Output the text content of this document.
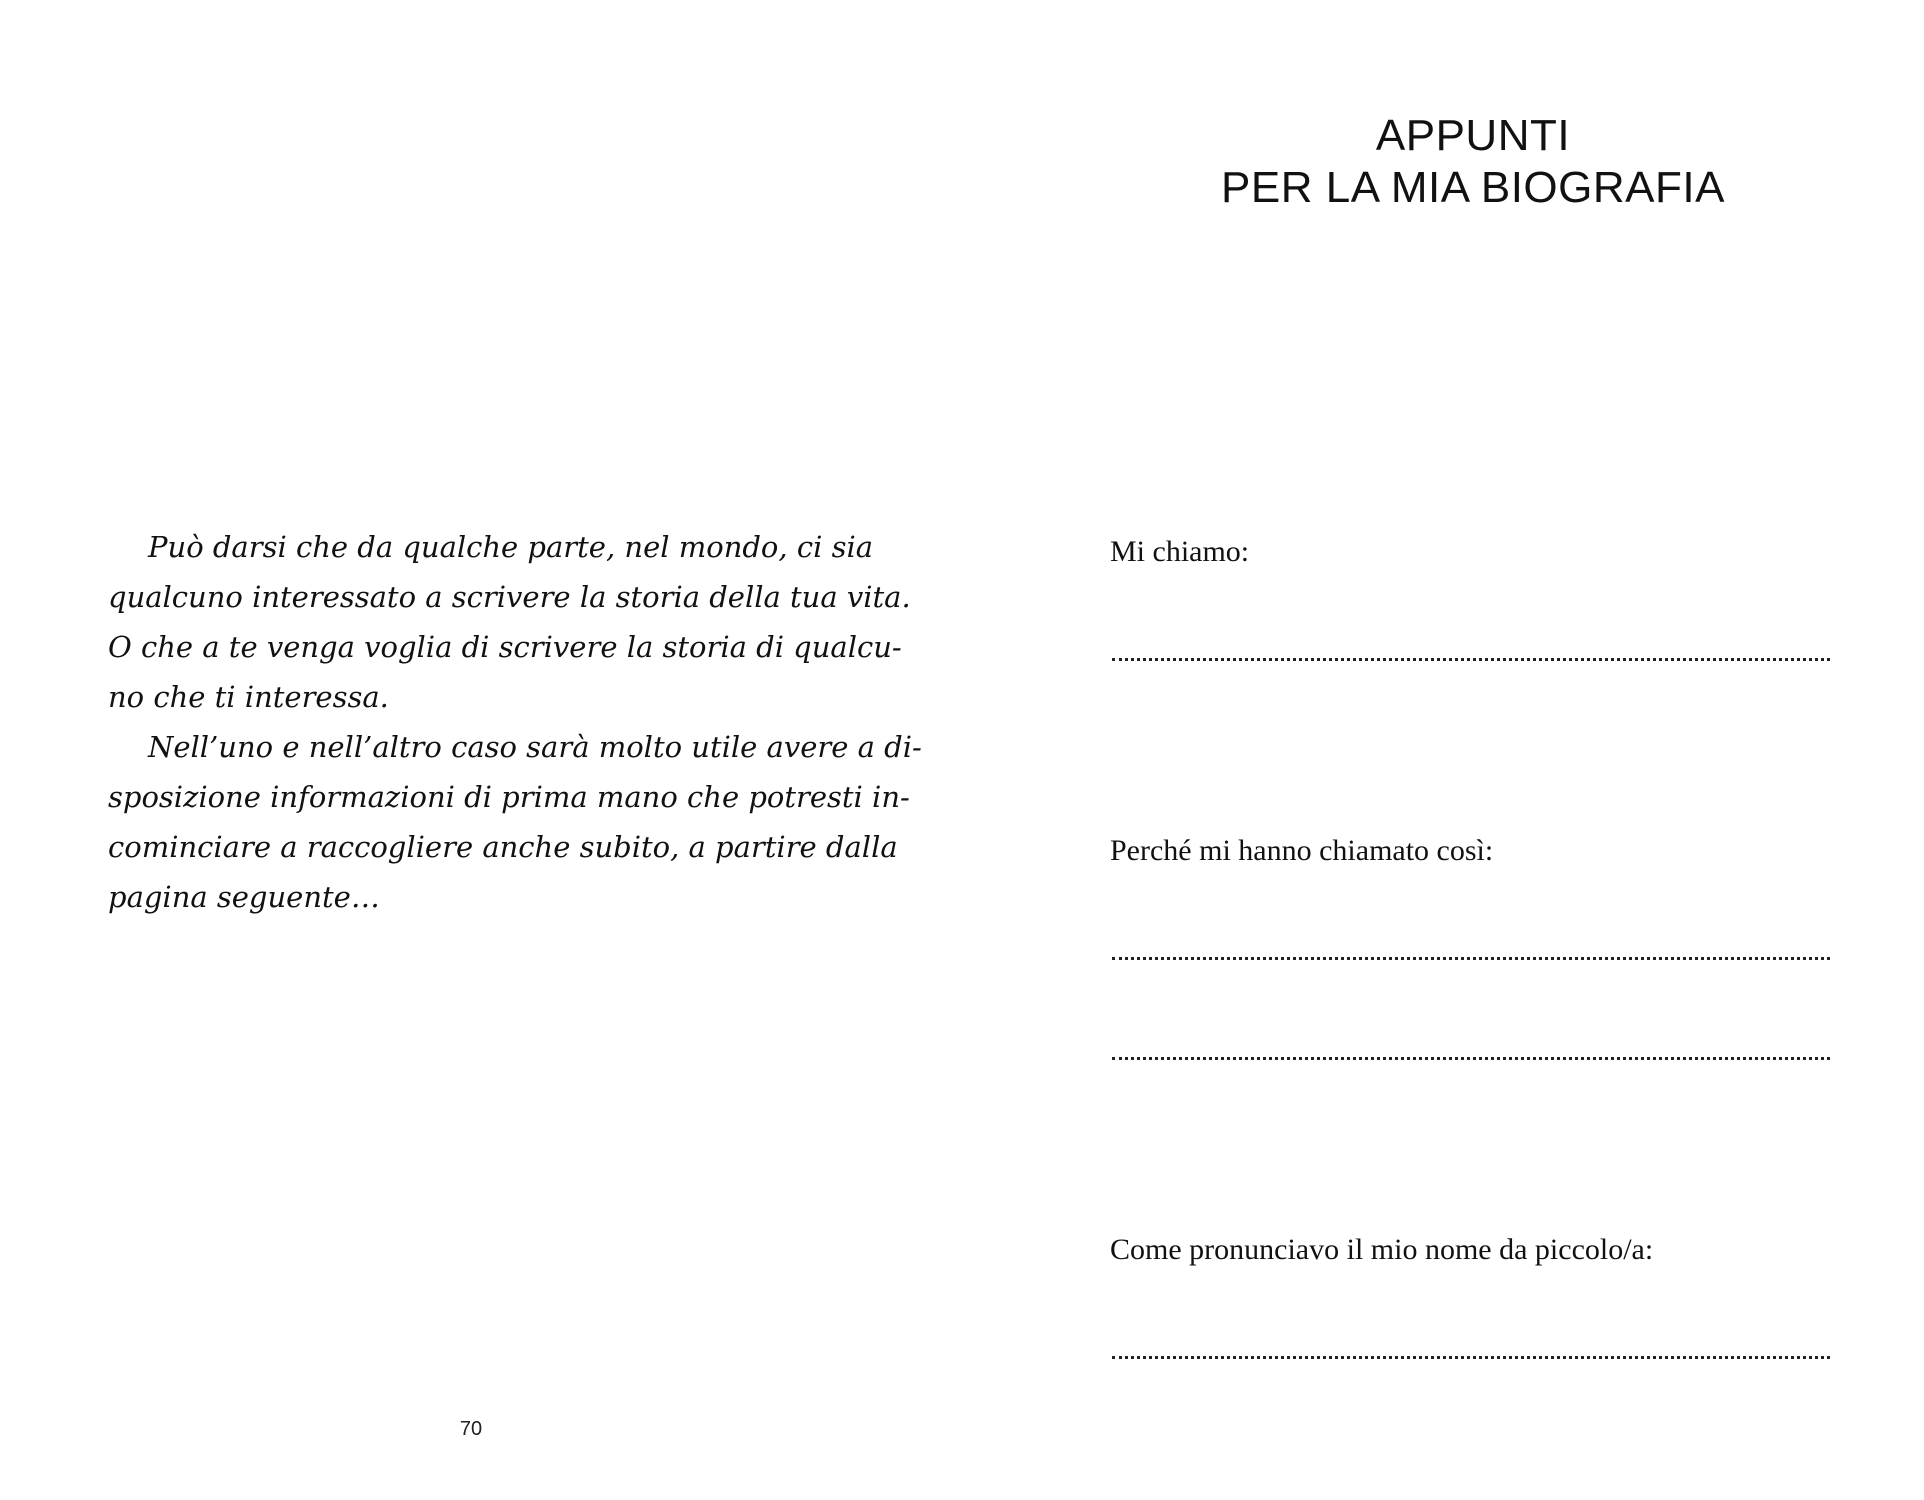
Può darsi che da qualche parte, nel mondo, ci sia
qualcuno interessato a scrivere la storia della tua vita.
O che a te venga voglia di scrivere la storia di qualcu-
no che ti interessa.
Nell’uno e nell’altro caso sarà molto utile avere a di-
sposizione informazioni di prima mano che potresti in-
cominciare a raccogliere anche subito, a partire dalla
pagina seguente…
70
APPUNTI
PER LA MIA BIOGRAFIA
Mi chiamo:
Perché mi hanno chiamato così:
Come pronunciavo il mio nome da piccolo/a:
